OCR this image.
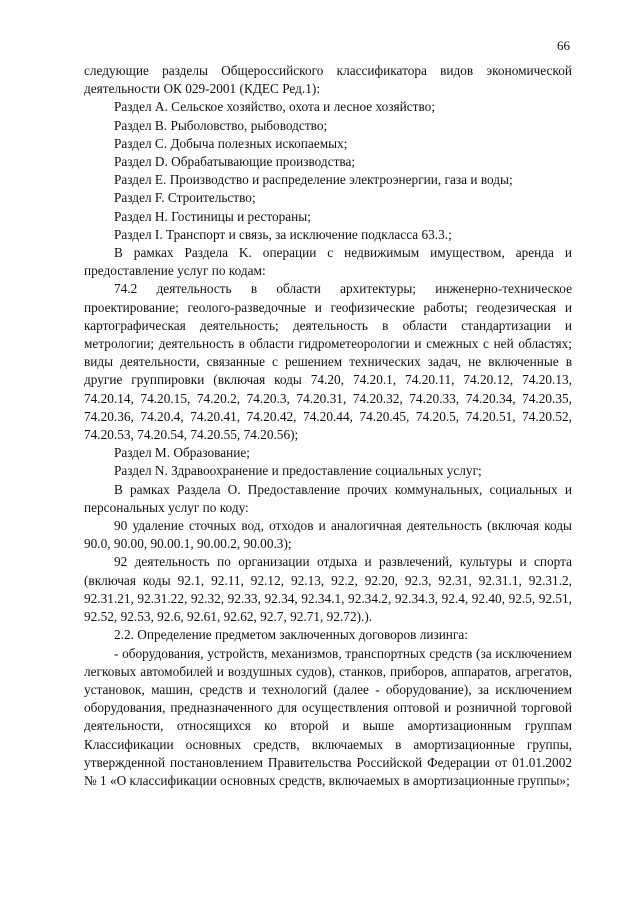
66

следующие разделы Общероссийского классификатора видов экономической деятельности ОК 029-2001 (КДЕС Ред.1):

Раздел A. Сельское хозяйство, охота и лесное хозяйство;

Раздел B. Рыболовство, рыбоводство;

Раздел C. Добыча полезных ископаемых;

Раздел D. Обрабатывающие производства;

Раздел E. Производство и распределение электроэнергии, газа и воды;

Раздел F. Строительство;

Раздел H. Гостиницы и рестораны;

Раздел I. Транспорт и связь, за исключение подкласса 63.3.;

В рамках Раздела K. операции с недвижимым имуществом, аренда и предоставление услуг по кодам:

74.2 деятельность в области архитектуры; инженерно-техническое проектирование; геолого-разведочные и геофизические работы; геодезическая и картографическая деятельность; деятельность в области стандартизации и метрологии; деятельность в области гидрометеорологии и смежных с ней областях; виды деятельности, связанные с решением технических задач, не включенные в другие группировки (включая коды 74.20, 74.20.1, 74.20.11, 74.20.12, 74.20.13, 74.20.14, 74.20.15, 74.20.2, 74.20.3, 74.20.31, 74.20.32, 74.20.33, 74.20.34, 74.20.35, 74.20.36, 74.20.4, 74.20.41, 74.20.42, 74.20.44, 74.20.45, 74.20.5, 74.20.51, 74.20.52, 74.20.53, 74.20.54, 74.20.55, 74.20.56);

Раздел M. Образование;

Раздел N. Здравоохранение и предоставление социальных услуг;

В рамках Раздела O. Предоставление прочих коммунальных, социальных и персональных услуг по коду:

90 удаление сточных вод, отходов и аналогичная деятельность (включая коды 90.0, 90.00, 90.00.1, 90.00.2, 90.00.3);

92 деятельность по организации отдыха и развлечений, культуры и спорта (включая коды 92.1, 92.11, 92.12, 92.13, 92.2, 92.20, 92.3, 92.31, 92.31.1, 92.31.2, 92.31.21, 92.31.22, 92.32, 92.33, 92.34, 92.34.1, 92.34.2, 92.34.3, 92.4, 92.40, 92.5, 92.51, 92.52, 92.53, 92.6, 92.61, 92.62, 92.7, 92.71, 92.72).).

2.2. Определение предметом заключенных договоров лизинга:

- оборудования, устройств, механизмов, транспортных средств (за исключением легковых автомобилей и воздушных судов), станков, приборов, аппаратов, агрегатов, установок, машин, средств и технологий (далее - оборудование), за исключением оборудования, предназначенного для осуществления оптовой и розничной торговой деятельности, относящихся ко второй и выше амортизационным группам Классификации основных средств, включаемых в амортизационные группы, утвержденной постановлением Правительства Российской Федерации от 01.01.2002 № 1 «О классификации основных средств, включаемых в амортизационные группы»;
